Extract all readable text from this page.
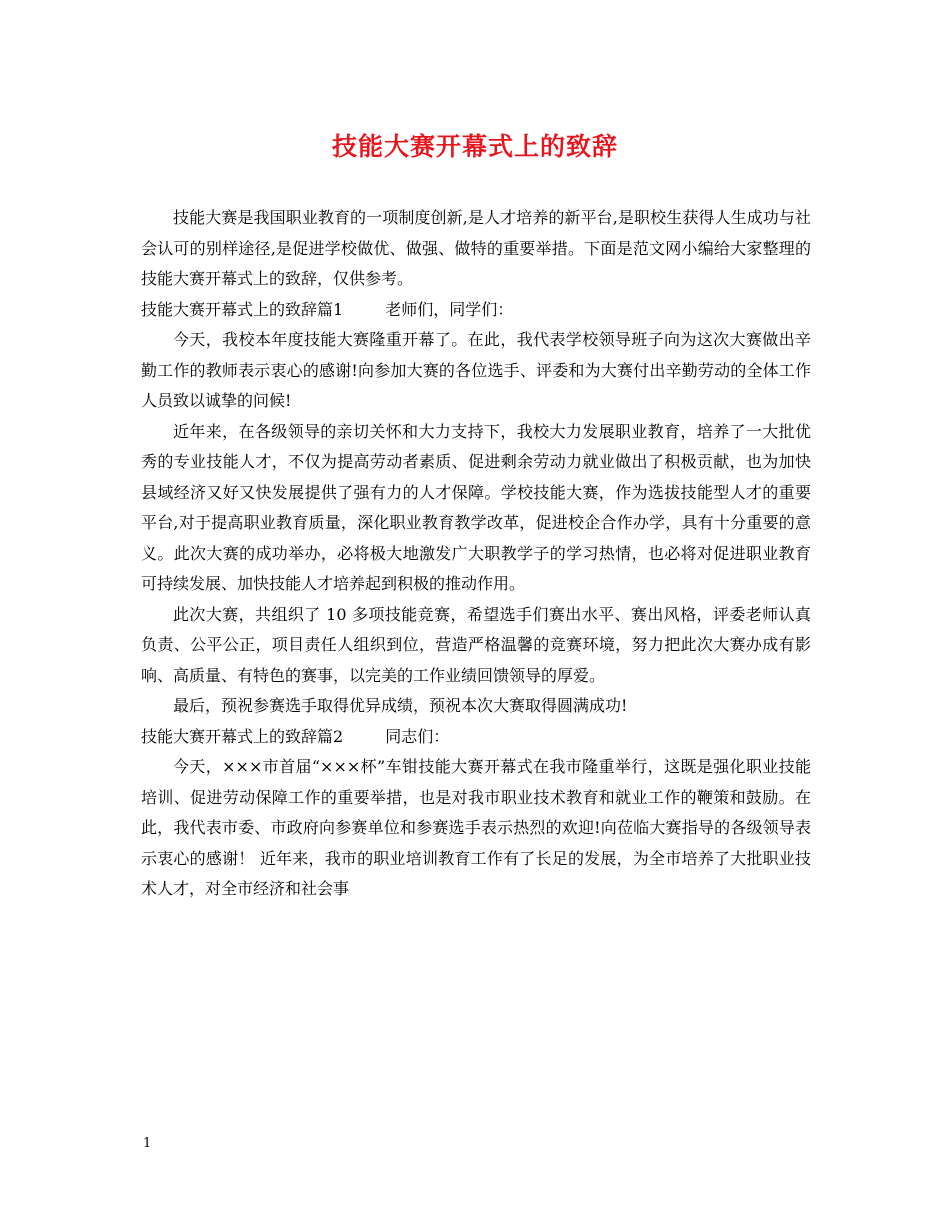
技能大赛开幕式上的致辞

技能大赛是我国职业教育的一项制度创新,是人才培养的新平台,是职校生获得人生成功与社会认可的别样途径,是促进学校做优、做强、做特的重要举措。下面是范文网小编给大家整理的技能大赛开幕式上的致辞，仅供参考。

技能大赛开幕式上的致辞篇1	老师们，同学们：

今天，我校本年度技能大赛隆重开幕了。在此，我代表学校领导班子向为这次大赛做出辛勤工作的教师表示衷心的感谢!向参加大赛的各位选手、评委和为大赛付出辛勤劳动的全体工作人员致以诚挚的问候!

近年来，在各级领导的亲切关怀和大力支持下，我校大力发展职业教育，培养了一大批优秀的专业技能人才，不仅为提高劳动者素质、促进剩余劳动力就业做出了积极贡献，也为加快县域经济又好又快发展提供了强有力的人才保障。学校技能大赛，作为选拔技能型人才的重要平台,对于提高职业教育质量，深化职业教育教学改革，促进校企合作办学，具有十分重要的意义。此次大赛的成功举办，必将极大地激发广大职教学子的学习热情，也必将对促进职业教育可持续发展、加快技能人才培养起到积极的推动作用。

此次大赛，共组织了 10 多项技能竞赛，希望选手们赛出水平、赛出风格，评委老师认真负责、公平公正，项目责任人组织到位，营造严格温馨的竞赛环境，努力把此次大赛办成有影响、高质量、有特色的赛事，以完美的工作业绩回馈领导的厚爱。

最后，预祝参赛选手取得优异成绩，预祝本次大赛取得圆满成功!

技能大赛开幕式上的致辞篇2	同志们：

今天，×××市首届“×××杯”车钳技能大赛开幕式在我市隆重举行，这既是强化职业技能培训、促进劳动保障工作的重要举措，也是对我市职业技术教育和就业工作的鞭策和鼓励。在此，我代表市委、市政府向参赛单位和参赛选手表示热烈的欢迎!向莅临大赛指导的各级领导表示衷心的感谢！ 近年来，我市的职业培训教育工作有了长足的发展，为全市培养了大批职业技术人才，对全市经济和社会事

1
